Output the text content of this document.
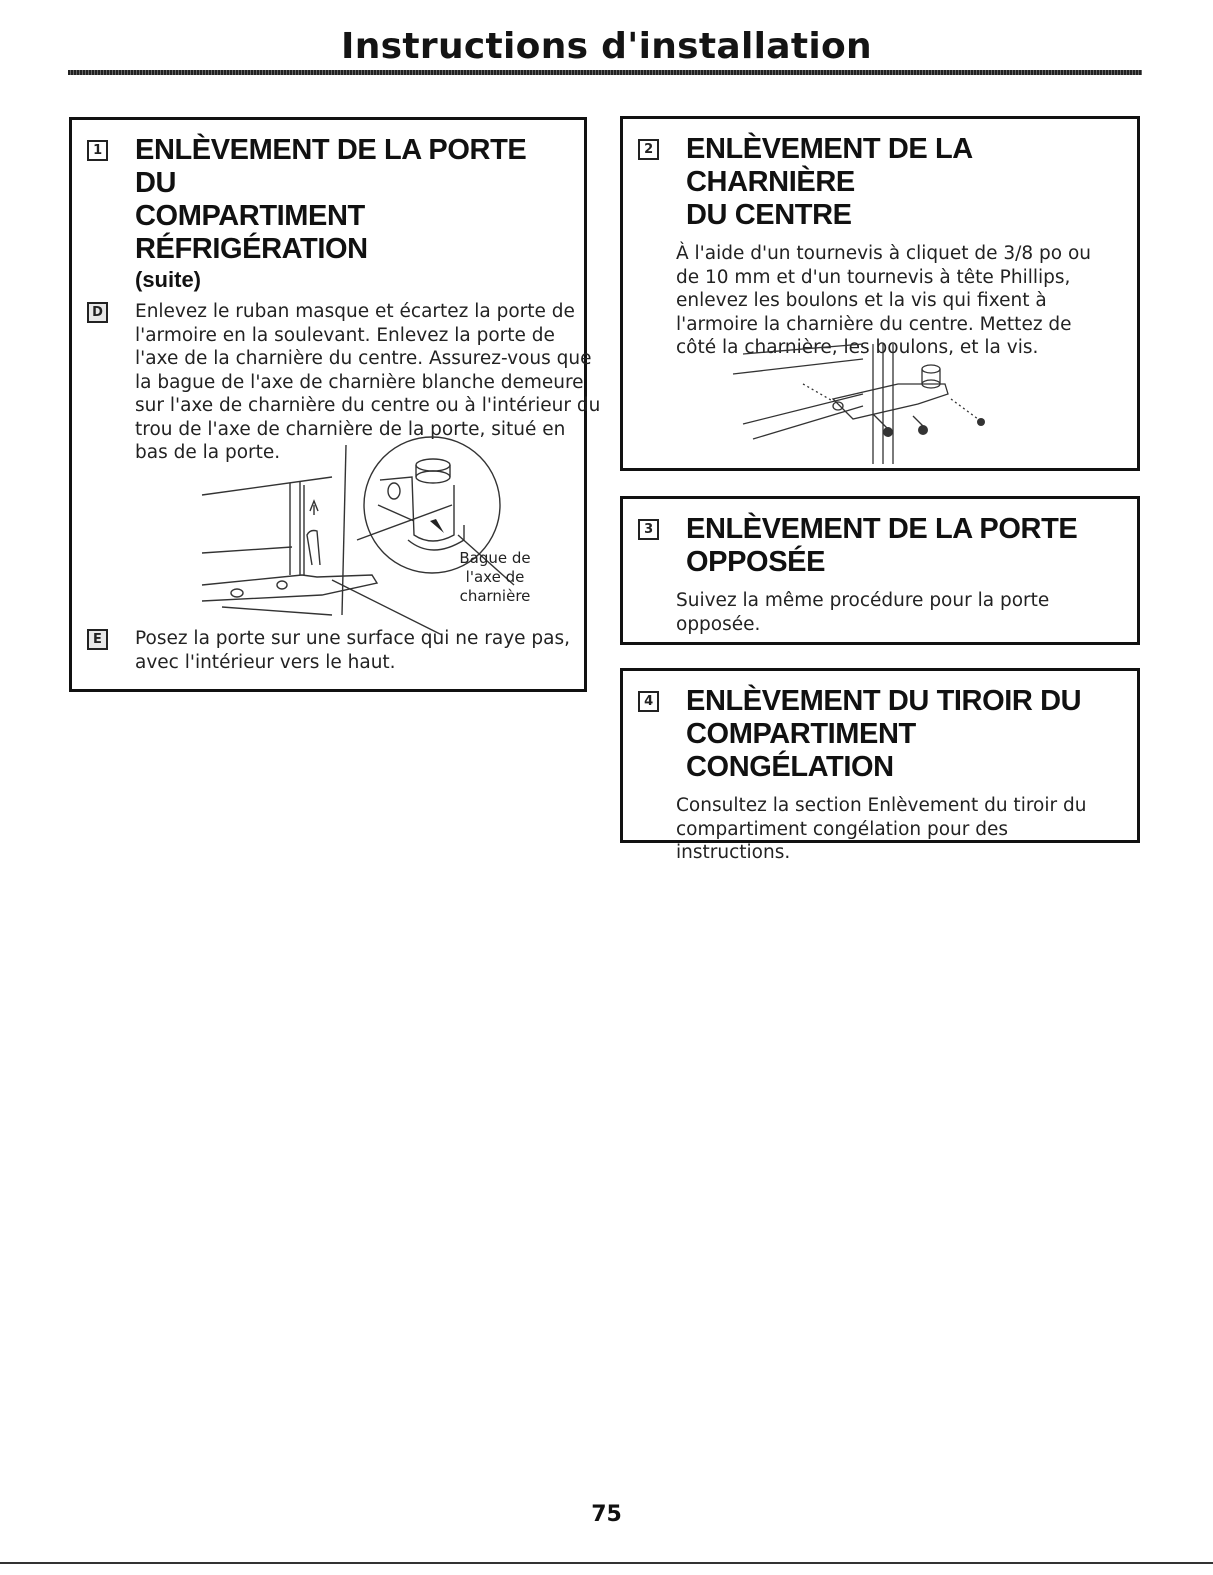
Instructions d'installation
1 ENLÈVEMENT DE LA PORTE DU
COMPARTIMENT RÉFRIGÉRATION
(suite)

D Enlevez le ruban masque et écartez la porte de l'armoire en la soulevant. Enlevez la porte de l'axe de la charnière du centre. Assurez-vous que la bague de l'axe de charnière blanche demeure sur l'axe de charnière du centre ou à l'intérieur du trou de l'axe de charnière de la porte, situé en bas de la porte.

Bague de
l'axe de
charnière

E	Posez la porte sur une surface qui ne raye pas, avec l'intérieur vers le haut.

2 ENLÈVEMENT DE LA CHARNIÈRE
DU CENTRE

À l'aide d'un tournevis à cliquet de 3/8 po ou de 10 mm et d'un tournevis à tête Phillips, enlevez les boulons et la vis qui fixent à l'armoire la charnière du centre. Mettez de côté la charnière, les boulons, et la vis.

3 ENLÈVEMENT DE LA PORTE
OPPOSÉE

Suivez la même procédure pour la porte opposée.

4 ENLÈVEMENT DU TIROIR DU
COMPARTIMENT CONGÉLATION

Consultez la section Enlèvement du tiroir du compartiment congélation pour des instructions.

75
